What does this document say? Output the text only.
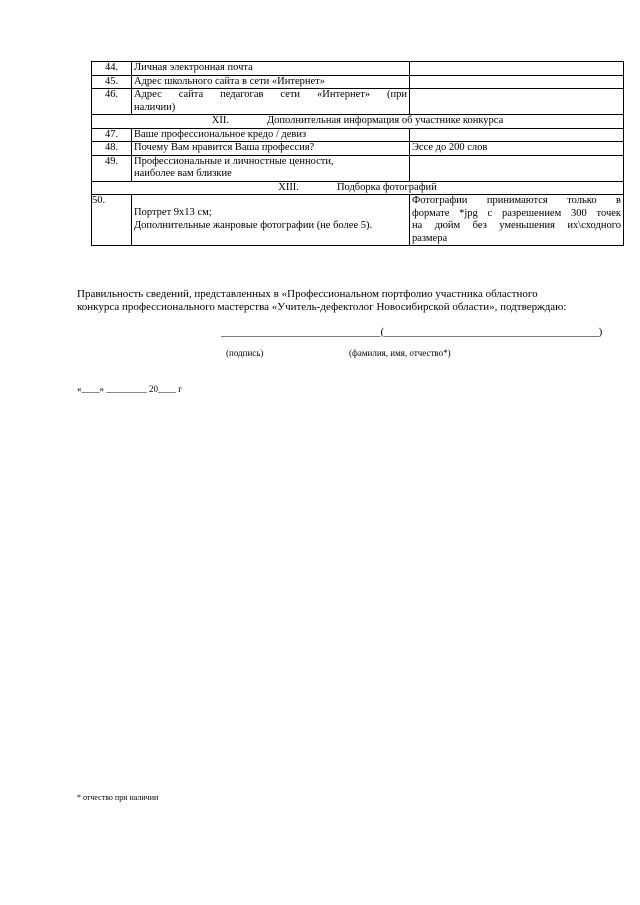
44.	Личная электронная почта	
45.	Адрес школьного сайта в сети «Интернет»	
46.	Адрес сайта педагогав сети «Интернет» (при
наличии)	

XII. Дополнительная информация об участнике конкурса		
47.	Ваше профессиональное кредо / девиз	
48.	Почему Вам нравится Ваша профессия?	Эссе до 200 слов
49.	Профессиональные и личностные ценности,
наиболее вам близкие	

XIII. Подборка фотографий		
50.	Портрет 9х13 см;
Дополнительные жанровые фотографии (не более 5).	Фотографии принимаются только в
формате *jpg с разрешением 300 точек
на дюйм без уменьшения их\сходного
размера
Правильность сведений, представленных в «Профессиональном портфолио участника областного
конкурса профессионального мастерства «Учитель-дефектолог Новосибирской области», подтверждаю:
_____________________________(_______________________________________)
(подпись)	(фамилия, имя, отчество*)
«____» _________ 20____ г
* отчество при наличии
